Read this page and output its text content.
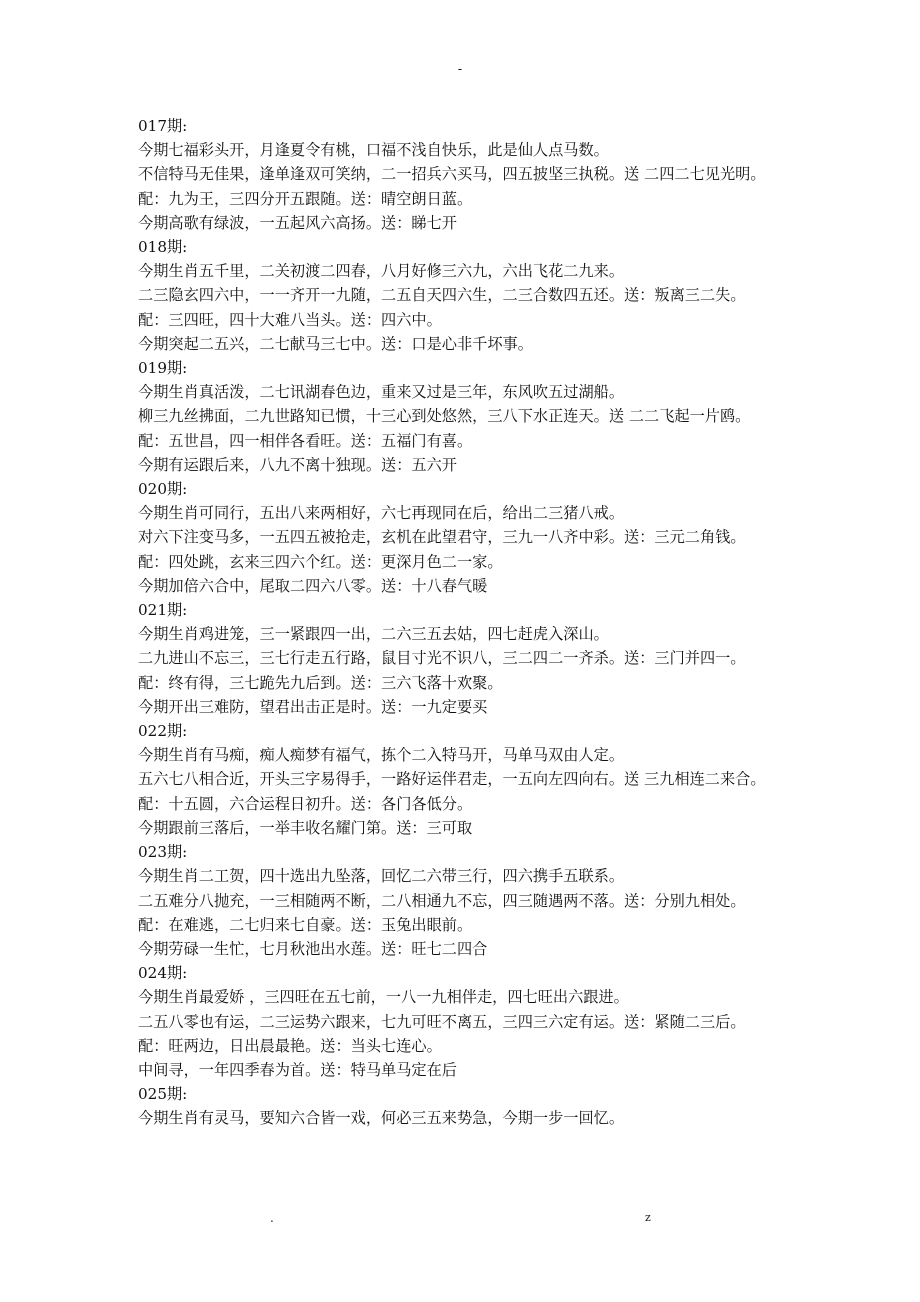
-
017期:
今期七福彩头开，月逢夏令有桃，口福不浅自快乐，此是仙人点马数。
不信特马无佳果，逢单逢双可笑纳，二一招兵六买马，四五披坚三执税。送 二四二七见光明。
配：九为王，三四分开五跟随。送：晴空朗日蓝。
今期高歌有绿波，一五起风六高扬。送：睇七开
018期:
今期生肖五千里，二关初渡二四春，八月好修三六九，六出飞花二九来。
二三隐玄四六中，一一齐开一九随，二五自天四六生，二三合数四五还。送：叛离三二失。
配：三四旺，四十大难八当头。送：四六中。
今期突起二五兴，二七献马三七中。送：口是心非千坏事。
019期:
今期生肖真活泼，二七讯湖春色边，重来又过是三年，东风吹五过湖船。
柳三九丝拂面，二九世路知已惯，十三心到处悠然，三八下水正连天。送 二二飞起一片鸥。
配：五世昌，四一相伴各看旺。送：五福门有喜。
今期有运跟后来，八九不离十独现。送：五六开
020期:
今期生肖可同行，五出八来两相好，六七再现同在后，给出二三猪八戒。
对六下注变马多，一五四五被抢走，玄机在此望君守，三九一八齐中彩。送：三元二角钱。
配：四处跳，玄来三四六个红。送：更深月色二一家。
今期加倍六合中，尾取二四六八零。送：十八春气暖
021期:
今期生肖鸡进笼，三一紧跟四一出，二六三五去姑，四七赶虎入深山。
二九进山不忘三，三七行走五行路，鼠目寸光不识八，三二四二一齐杀。送：三门并四一。
配：终有得，三七跪先九后到。送：三六飞落十欢聚。
今期开出三难防，望君出击正是时。送：一九定要买
022期:
今期生肖有马痴，痴人痴梦有福气，拣个二入特马开，马单马双由人定。
五六七八相合近，开头三字易得手，一路好运伴君走，一五向左四向右。送 三九相连二来合。
配：十五圆，六合运程日初升。送：各门各低分。
今期跟前三落后，一举丰收名耀门第。送：三可取
023期:
今期生肖二工贺，四十选出九坠落，回忆二六带三行，四六携手五联系。
二五难分八抛充，一三相随两不断，二八相通九不忘，四三随遇两不落。送：分别九相处。
配：在难逃，二七归来七自豪。送：玉兔出眼前。
今期劳碌一生忙，七月秋池出水莲。送：旺七二四合
024期:
今期生肖最爱娇 ，三四旺在五七前，一八一九相伴走，四七旺出六跟进。
二五八零也有运，二三运势六跟来，七九可旺不离五，三四三六定有运。送：紧随二三后。
配：旺两边，日出晨最艳。送：当头七连心。
中间寻，一年四季春为首。送：特马单马定在后
025期:
今期生肖有灵马，要知六合皆一戏，何必三五来势急，今期一步一回忆。
.	z
